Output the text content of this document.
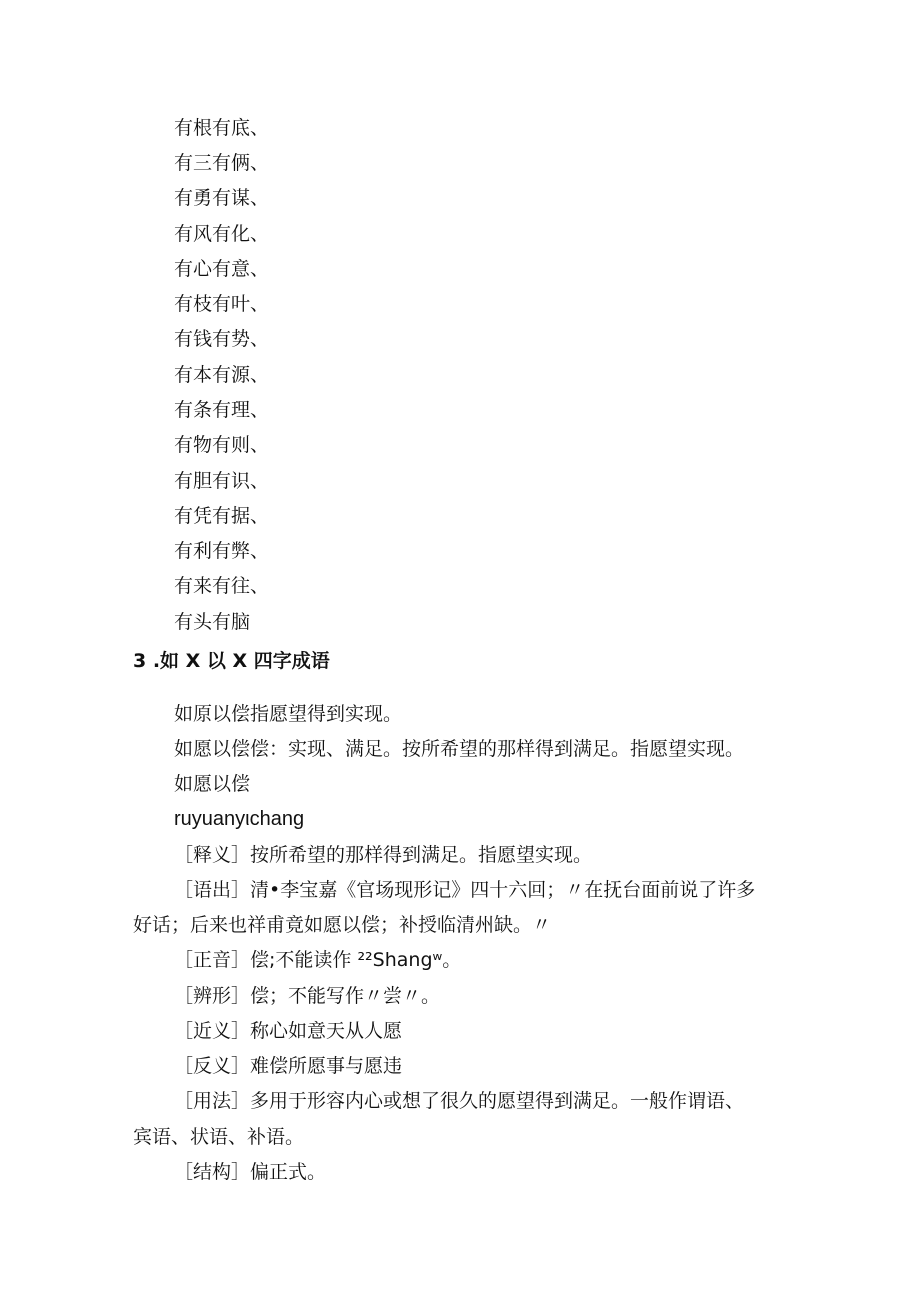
有根有底、
有三有俩、
有勇有谋、
有风有化、
有心有意、
有枝有叶、
有钱有势、
有本有源、
有条有理、
有物有则、
有胆有识、
有凭有据、
有利有弊、
有来有往、
有头有脑
3 .如 X 以 X 四字成语
如原以偿指愿望得到实现。
如愿以偿偿：实现、满足。按所希望的那样得到满足。指愿望实现。
如愿以偿
ruyuanyιchang
［释义］按所希望的那样得到满足。指愿望实现。
［语出］清•李宝嘉《官场现形记》四十六回；〃在抚台面前说了许多
好话；后来也祥甫竟如愿以偿；补授临清州缺。〃
［正音］偿;不能读作 ²²Shangʷ。
［辨形］偿；不能写作〃尝〃。
［近义］称心如意天从人愿
［反义］难偿所愿事与愿违
［用法］多用于形容内心或想了很久的愿望得到满足。一般作谓语、
宾语、状语、补语。
［结构］偏正式。
